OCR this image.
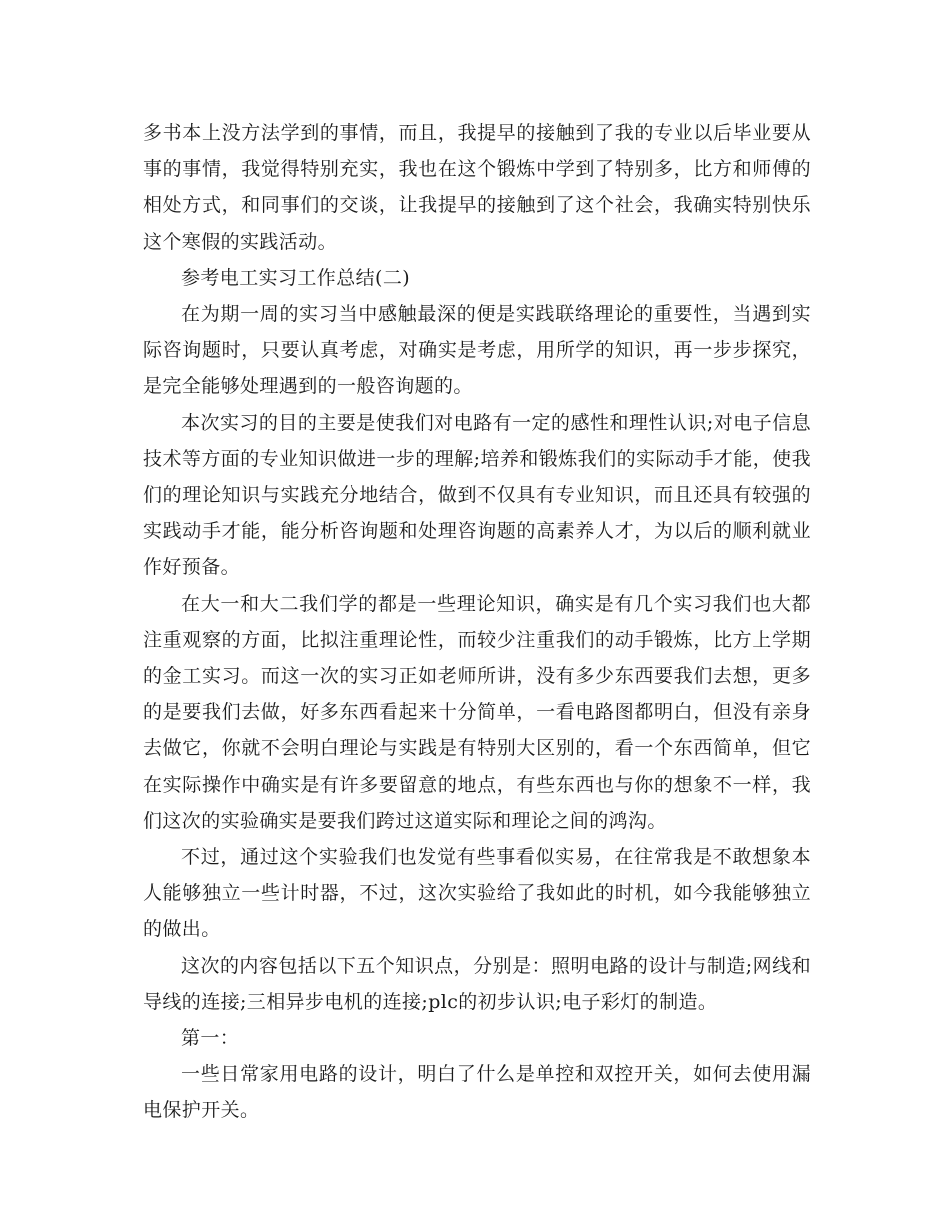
多书本上没方法学到的事情，而且，我提早的接触到了我的专业以后毕业要从事的事情，我觉得特别充实，我也在这个锻炼中学到了特别多，比方和师傅的相处方式，和同事们的交谈，让我提早的接触到了这个社会，我确实特别快乐这个寒假的实践活动。

参考电工实习工作总结(二)

在为期一周的实习当中感触最深的便是实践联络理论的重要性，当遇到实际咨询题时，只要认真考虑，对确实是考虑，用所学的知识，再一步步探究，是完全能够处理遇到的一般咨询题的。

本次实习的目的主要是使我们对电路有一定的感性和理性认识;对电子信息技术等方面的专业知识做进一步的理解;培养和锻炼我们的实际动手才能，使我们的理论知识与实践充分地结合，做到不仅具有专业知识，而且还具有较强的实践动手才能，能分析咨询题和处理咨询题的高素养人才，为以后的顺利就业作好预备。

在大一和大二我们学的都是一些理论知识，确实是有几个实习我们也大都注重观察的方面，比拟注重理论性，而较少注重我们的动手锻炼，比方上学期的金工实习。而这一次的实习正如老师所讲，没有多少东西要我们去想，更多的是要我们去做，好多东西看起来十分简单，一看电路图都明白，但没有亲身去做它，你就不会明白理论与实践是有特别大区别的，看一个东西简单，但它在实际操作中确实是有许多要留意的地点，有些东西也与你的想象不一样，我们这次的实验确实是要我们跨过这道实际和理论之间的鸿沟。

不过，通过这个实验我们也发觉有些事看似实易，在往常我是不敢想象本人能够独立一些计时器，不过，这次实验给了我如此的时机，如今我能够独立的做出。

这次的内容包括以下五个知识点，分别是：照明电路的设计与制造;网线和导线的连接;三相异步电机的连接;plc的初步认识;电子彩灯的制造。

第一：

一些日常家用电路的设计，明白了什么是单控和双控开关，如何去使用漏电保护开关。
